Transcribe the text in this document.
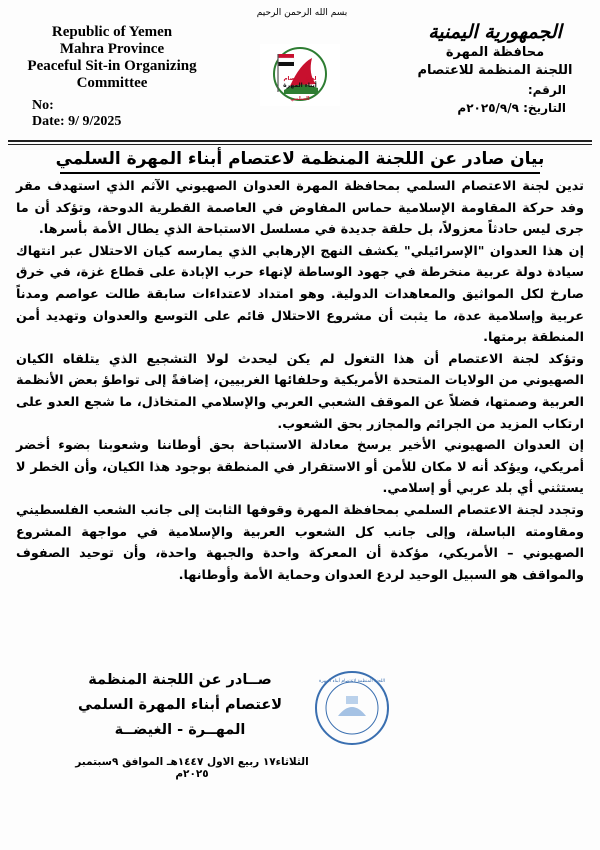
Republic of Yemen
Mahra Province
Peaceful Sit-in Organizing
Committee
No:
Date: 9/ 9/2025
بسم الله الرحمن الرحيم
لجنة اعتصام
أبناء المهرة
السلمي
الجمهورية اليمنية
محافظة المهرة
اللجنة المنظمة للاعتصام
الرقم:
التاريخ: ٢٠٢٥/٩/٩م
بيان صادر عن اللجنة المنظمة لاعتصام أبناء المهرة السلمي

تدين لجنة الاعتصام السلمي بمحافظة المهرة العدوان الصهيوني الآثم الذي استهدف مقر وفد حركة المقاومة الإسلامية حماس المفاوض في العاصمة القطرية الدوحة، وتؤكد أن ما جرى ليس حادثاً معزولاً، بل حلقة جديدة في مسلسل الاستباحة الذي يطال الأمة بأسرها.

إن هذا العدوان "الإسرائيلي" يكشف النهج الإرهابي الذي يمارسه كيان الاحتلال عبر انتهاك سيادة دولة عربية منخرطة في جهود الوساطة لإنهاء حرب الإبادة على قطاع غزة، في خرق صارخ لكل المواثيق والمعاهدات الدولية. وهو امتداد لاعتداءات سابقة طالت عواصم ومدناً عربية وإسلامية عدة، ما يثبت أن مشروع الاحتلال قائم على التوسع والعدوان وتهديد أمن المنطقة برمتها.

وتؤكد لجنة الاعتصام أن هذا التغول لم يكن ليحدث لولا التشجيع الذي يتلقاه الكيان الصهيوني من الولايات المتحدة الأمريكية وحلفائها الغربيين، إضافةً إلى تواطؤ بعض الأنظمة العربية وصمتها، فضلاً عن الموقف الشعبي العربي والإسلامي المتخاذل، ما شجع العدو على ارتكاب المزيد من الجرائم والمجازر بحق الشعوب.

إن العدوان الصهيوني الأخير يرسخ معادلة الاستباحة بحق أوطاننا وشعوبنا بضوء أخضر أمريكي، ويؤكد أنه لا مكان للأمن أو الاستقرار في المنطقة بوجود هذا الكيان، وأن الخطر لا يستثني أي بلد عربي أو إسلامي.

وتجدد لجنة الاعتصام السلمي بمحافظة المهرة وقوفها الثابت إلى جانب الشعب الفلسطيني ومقاومته الباسلة، وإلى جانب كل الشعوب العربية والإسلامية في مواجهة المشروع الصهيوني – الأمريكي، مؤكدة أن المعركة واحدة والجبهة واحدة، وأن توحيد الصفوف والمواقف هو السبيل الوحيد لردع العدوان وحماية الأمة وأوطانها.

صــادر عن اللجنة المنظمة
لاعتصام أبناء المهرة السلمي
المهــرة - الغيضــة
اللجنة المنظمة لاعتصام أبناء المهرة
الثلاثاء١٧ ربيع الاول ١٤٤٧هـ الموافق ٩سبتمبر ٢٠٢٥م
